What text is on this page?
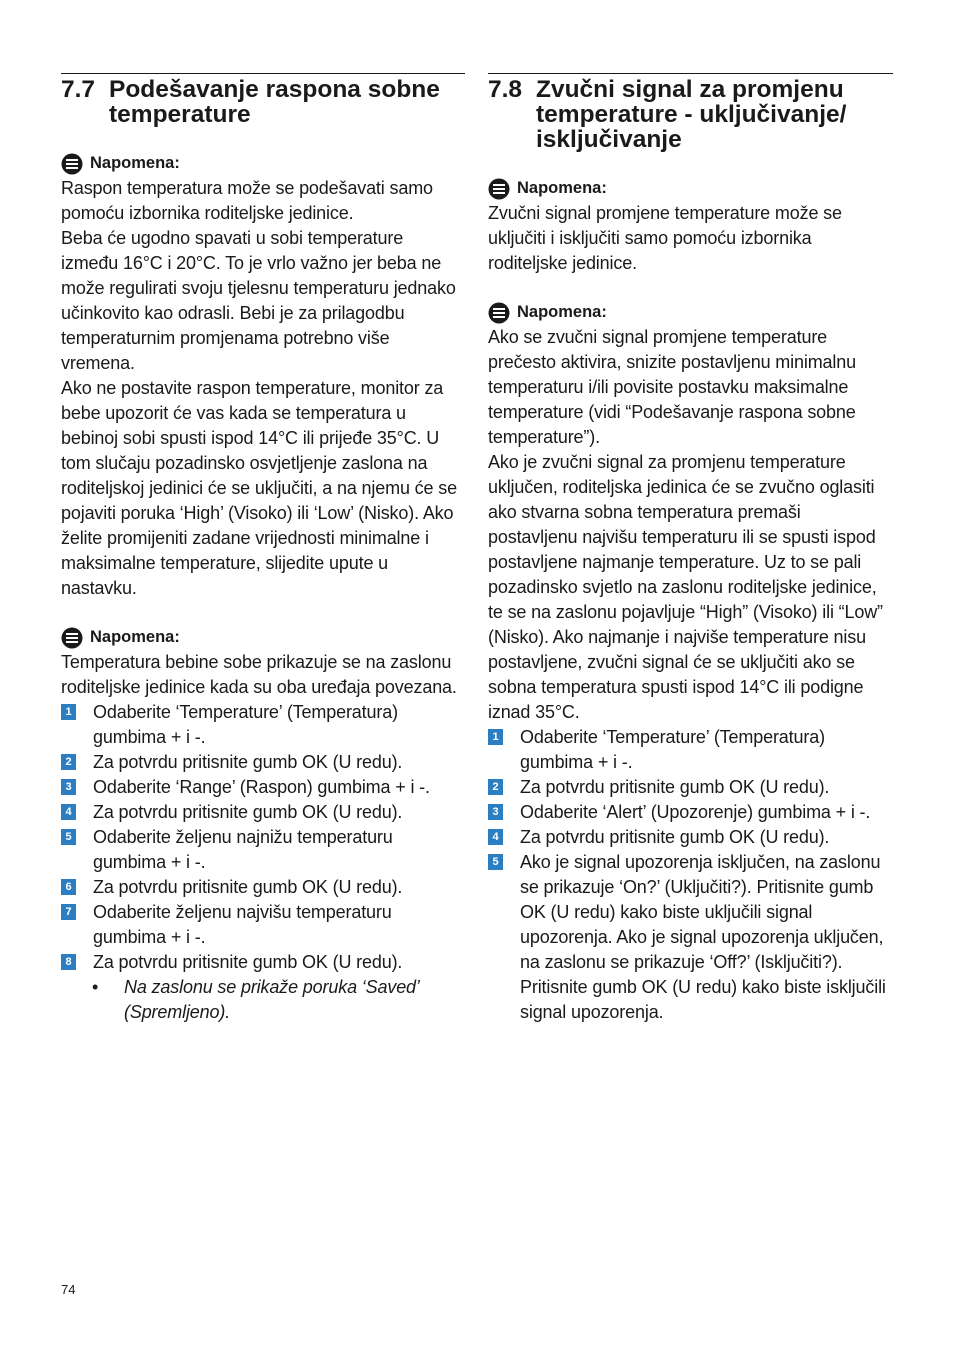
7.7 Podešavanje raspona sobne temperature
Napomena:

Raspon temperatura može se podešavati samo pomoću izbornika roditeljske jedinice.

Beba će ugodno spavati u sobi temperature između 16°C i 20°C. To je vrlo važno jer beba ne može regulirati svoju tjelesnu temperaturu jednako učinkovito kao odrasli. Bebi je za prilagodbu temperaturnim promjenama potrebno više vremena.

Ako ne postavite raspon temperature, monitor za bebe upozorit će vas kada se temperatura u bebinoj sobi spusti ispod 14°C ili prijeđe 35°C. U tom slučaju pozadinsko osvjetljenje zaslona na roditeljskoj jedinici će se uključiti, a na njemu će se pojaviti poruka ‘High’ (Visoko) ili ‘Low’ (Nisko). Ako želite promijeniti zadane vrijednosti minimalne i maksimalne temperature, slijedite upute u nastavku.

Napomena:

Temperatura bebine sobe prikazuje se na zaslonu roditeljske jedinice kada su oba uređaja povezana.

1 Odaberite ‘Temperature’ (Temperatura) gumbima + i -.
2 Za potvrdu pritisnite gumb OK (U redu).
3 Odaberite ‘Range’ (Raspon) gumbima + i -.
4 Za potvrdu pritisnite gumb OK (U redu).
5 Odaberite željenu najnižu temperaturu gumbima + i -.
6 Za potvrdu pritisnite gumb OK (U redu).
7 Odaberite željenu najvišu temperaturu gumbima + i -.
8 Za potvrdu pritisnite gumb OK (U redu).
•	Na zaslonu se prikaže poruka ‘Saved’ (Spremljeno).
7.8 Zvučni signal za promjenu temperature - uključivanje/ isključivanje
Napomena:

Zvučni signal promjene temperature može se uključiti i isključiti samo pomoću izbornika roditeljske jedinice.

Napomena:

Ako se zvučni signal promjene temperature prečesto aktivira, snizite postavljenu minimalnu temperaturu i/ili povisite postavku maksimalne temperature (vidi “Podešavanje raspona sobne temperature”).

Ako je zvučni signal za promjenu temperature uključen, roditeljska jedinica će se zvučno oglasiti ako stvarna sobna temperatura premaši postavljenu najvišu temperaturu ili se spusti ispod postavljene najmanje temperature. Uz to se pali pozadinsko svjetlo na zaslonu roditeljske jedinice, te se na zaslonu pojavljuje “High” (Visoko) ili “Low” (Nisko). Ako najmanje i najviše temperature nisu postavljene, zvučni signal će se uključiti ako se sobna temperatura spusti ispod 14°C ili podigne iznad 35°C.

1 Odaberite ‘Temperature’ (Temperatura) gumbima + i -.
2 Za potvrdu pritisnite gumb OK (U redu).
3 Odaberite ‘Alert’ (Upozorenje) gumbima + i -.
4 Za potvrdu pritisnite gumb OK (U redu).
5 Ako je signal upozorenja isključen, na zaslonu se prikazuje ‘On?’ (Uključiti?). Pritisnite gumb OK (U redu) kako biste uključili signal upozorenja. Ako je signal upozorenja uključen, na zaslonu se prikazuje ‘Off?’ (Isključiti?). Pritisnite gumb OK (U redu) kako biste isključili signal upozorenja.
74
